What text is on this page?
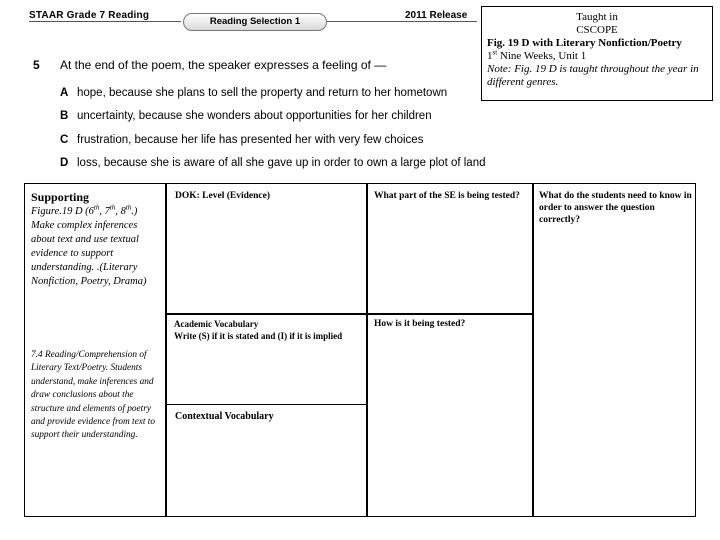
STAAR Grade 7 Reading
Reading Selection 1
2011 Release
5 At the end of the poem, the speaker expresses a feeling of —
A hope, because she plans to sell the property and return to her hometown
B uncertainty, because she wonders about opportunities for her children
C frustration, because her life has presented her with very few choices
D loss, because she is aware of all she gave up in order to own a large plot of land
Taught in
CSCOPE
Fig. 19 D with Literary Nonfiction/Poetry
1st Nine Weeks, Unit 1
Note: Fig. 19 D is taught throughout the year in different genres.
Supporting
Figure.19 D (6th, 7th, 8th.) Make complex inferences about text and use textual evidence to support understanding. .(Literary Nonfiction, Poetry, Drama)
7.4 Reading/Comprehension of Literary Text/Poetry. Students understand, make inferences and draw conclusions about the structure and elements of poetry and provide evidence from text to support their understanding.
DOK: Level (Evidence)	What part of the SE is being tested?	What do the students need to know in order to answer the question correctly?
Academic Vocabulary
Write (S) if it is stated and (I) if it is implied
How is it being tested?
Contextual Vocabulary
